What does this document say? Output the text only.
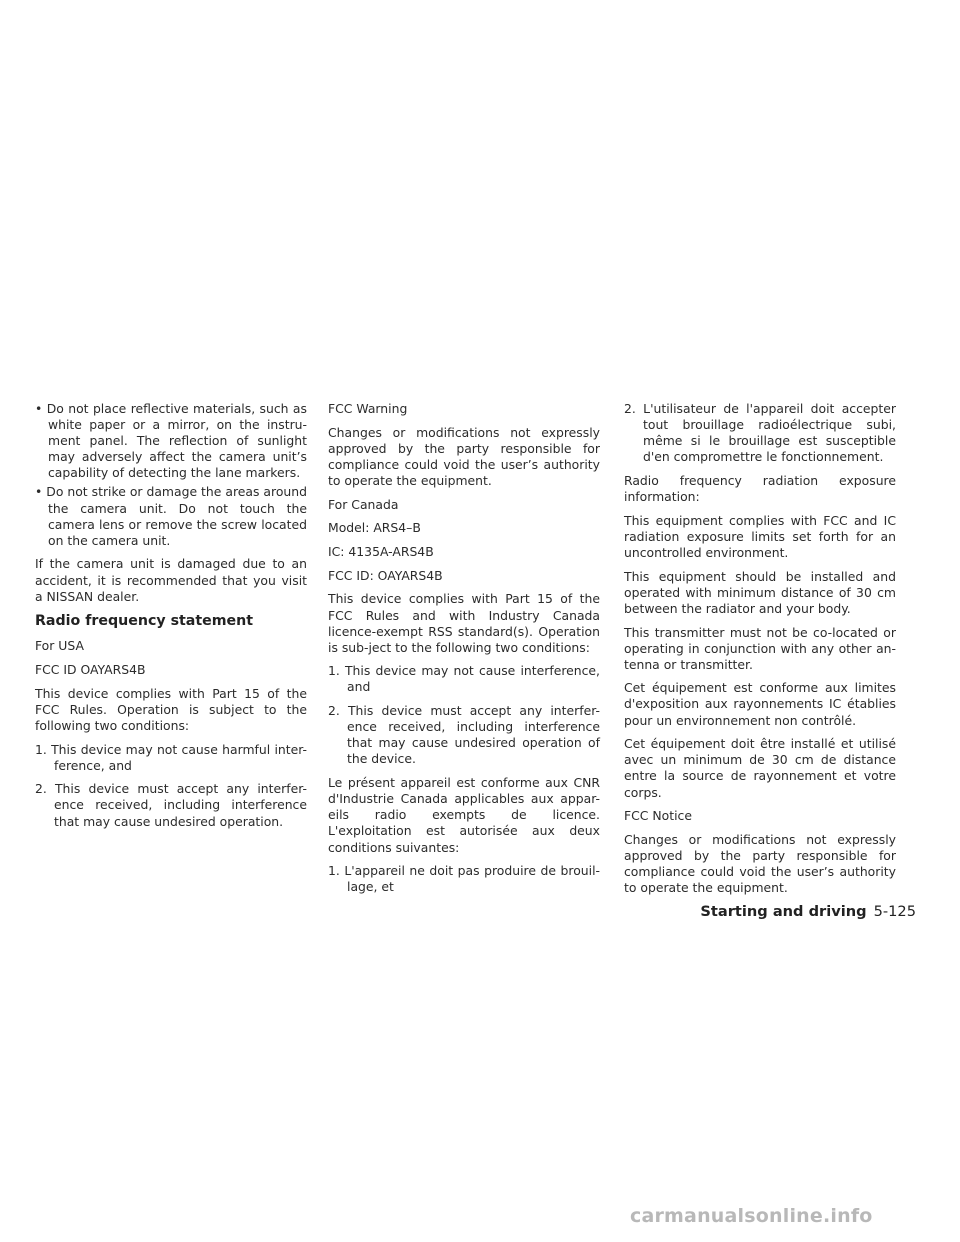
• Do not place reflective materials, such as white paper or a mirror, on the instru-ment panel. The reflection of sunlight may adversely affect the camera unit’s capability of detecting the lane markers.

• Do not strike or damage the areas around the camera unit. Do not touch the camera lens or remove the screw located on the camera unit.

If the camera unit is damaged due to an accident, it is recommended that you visit a NISSAN dealer.

Radio frequency statement

For USA

FCC ID OAYARS4B

This device complies with Part 15 of the FCC Rules. Operation is subject to the following two conditions:

1. This device may not cause harmful inter-ference, and

2. This device must accept any interfer-ence received, including interference that may cause undesired operation.

FCC Warning

Changes or modifications not expressly approved by the party responsible for compliance could void the user’s authority to operate the equipment.

For Canada

Model: ARS4–B

IC: 4135A-ARS4B

FCC ID: OAYARS4B

This device complies with Part 15 of the FCC Rules and with Industry Canada licence-exempt RSS standard(s). Operation is sub-ject to the following two conditions:

1. This device may not cause interference, and

2. This device must accept any interfer-ence received, including interference that may cause undesired operation of the device.

Le présent appareil est conforme aux CNR d'Industrie Canada applicables aux appar-eils radio exempts de licence. L'exploitation est autorisée aux deux conditions suivantes:

1. L'appareil ne doit pas produire de brouil-lage, et

2. L'utilisateur de l'appareil doit accepter tout brouillage radioélectrique subi, même si le brouillage est susceptible d'en compromettre le fonctionnement.

Radio frequency radiation exposure information:

This equipment complies with FCC and IC radiation exposure limits set forth for an uncontrolled environment.

This equipment should be installed and operated with minimum distance of 30 cm between the radiator and your body.

This transmitter must not be co-located or operating in conjunction with any other an-tenna or transmitter.

Cet équipement est conforme aux limites d'exposition aux rayonnements IC établies pour un environnement non contrôlé.

Cet équipement doit être installé et utilisé avec un minimum de 30 cm de distance entre la source de rayonnement et votre corps.

FCC Notice

Changes or modifications not expressly approved by the party responsible for compliance could void the user’s authority to operate the equipment.

Starting and driving 5-125
carmanualsonline.info
